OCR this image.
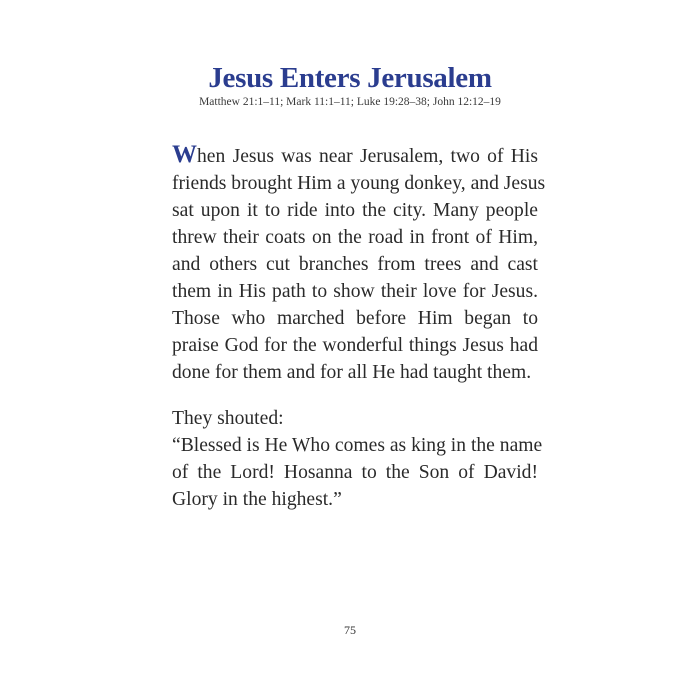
Jesus Enters Jerusalem

Matthew 21:1–11; Mark 11:1–11; Luke 19:28–38; John 12:12–19

When Jesus was near Jerusalem, two of His
friends brought Him a young donkey, and Jesus
sat upon it to ride into the city. Many people
threw their coats on the road in front of Him,
and others cut branches from trees and cast
them in His path to show their love for Jesus.
Those who marched before Him began to
praise God for the wonderful things Jesus had
done for them and for all He had taught them.

They shouted:
“Blessed is He Who comes as king in the name
of the Lord! Hosanna to the Son of David!
Glory in the highest.”

75
